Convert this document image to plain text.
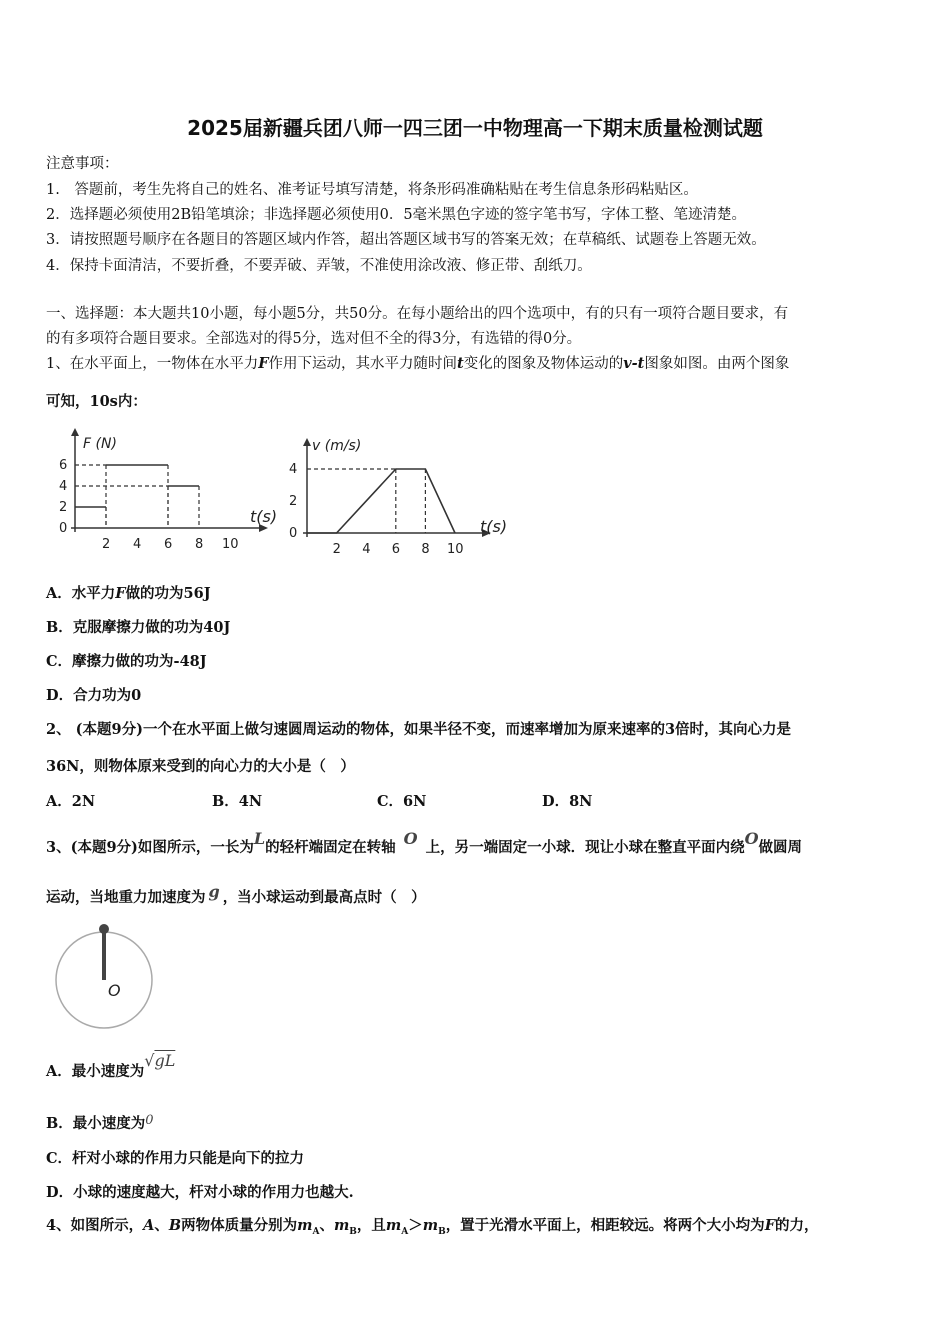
2025届新疆兵团八师一四三团一中物理高一下期末质量检测试题
注意事项：
1.　答题前，考生先将自己的姓名、准考证号填写清楚，将条形码准确粘贴在考生信息条形码粘贴区。
2．选择题必须使用2B铅笔填涂；非选择题必须使用0．5毫米黑色字迹的签字笔书写，字体工整、笔迹清楚。
3．请按照题号顺序在各题目的答题区域内作答，超出答题区域书写的答案无效；在草稿纸、试题卷上答题无效。
4．保持卡面清洁，不要折叠，不要弄破、弄皱，不准使用涂改液、修正带、刮纸刀。
一、选择题：本大题共10小题，每小题5分，共50分。在每小题给出的四个选项中，有的只有一项符合题目要求，有
的有多项符合题目要求。全部选对的得5分，选对但不全的得3分，有选错的得0分。
1、在水平面上，一物体在水平力F作用下运动，其水平力随时间t变化的图象及物体运动的v-t图象如图。由两个图象
可知，10s内：
F (N)
t(s)
0
2
4
6
2 4 6 8 10
v (m/s)
t(s)
0
2
4
2 4 6 8 10
A．水平力F做的功为56J
B．克服摩擦力做的功为40J
C．摩擦力做的功为-48J
D．合力功为0
2、 (本题9分)一个在水平面上做匀速圆周运动的物体，如果半径不变，而速率增加为原来速率的3倍时，其向心力是
36N，则物体原来受到的向心力的大小是（　）
A．2N	B．4N	C．6N	D．8N
3、(本题9分)如图所示，一长为L的轻杆端固定在转轴 O 上，另一端固定一小球．现让小球在整直平面内绕O做圆周
运动，当地重力加速度为 g ，当小球运动到最高点时（　）
O
A．最小速度为√gL
B．最小速度为0
C．杆对小球的作用力只能是向下的拉力
D．小球的速度越大，杆对小球的作用力也越大.
4、如图所示，A、B两物体质量分别为$m_A$、$m_B$，且$m_A>m_B$，置于光滑水平面上，相距较远。将两个大小均为F的力，
